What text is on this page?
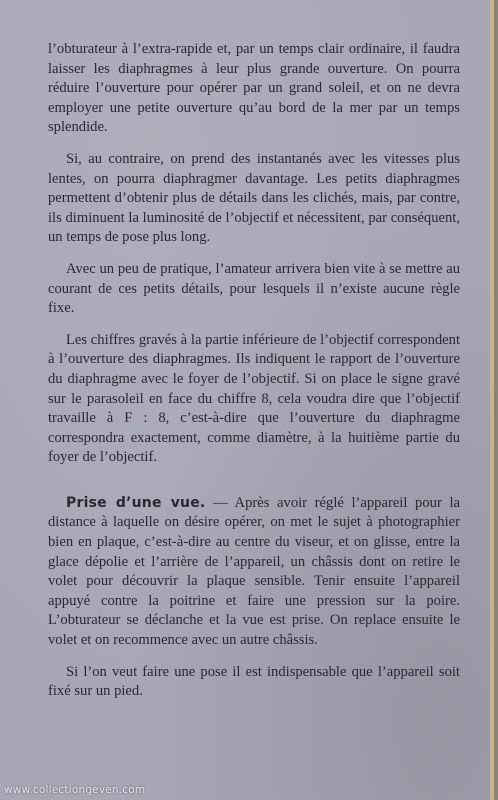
l’obturateur à l’extra-rapide et, par un temps clair ordinaire, il faudra laisser les diaphragmes à leur plus grande ouverture. On pourra réduire l’ouverture pour opérer par un grand soleil, et on ne devra employer une petite ouverture qu’au bord de la mer par un temps splendide.

Si, au contraire, on prend des instantanés avec les vitesses plus lentes, on pourra diaphragmer davantage. Les petits diaphragmes permettent d’obtenir plus de détails dans les clichés, mais, par contre, ils diminuent la luminosité de l’objectif et nécessitent, par conséquent, un temps de pose plus long.

Avec un peu de pratique, l’amateur arrivera bien vite à se mettre au courant de ces petits détails, pour lesquels il n’existe aucune règle fixe.

Les chiffres gravés à la partie inférieure de l’objectif correspondent à l’ouverture des diaphragmes. Ils indiquent le rapport de l’ouverture du diaphragme avec le foyer de l’objectif. Si on place le signe gravé sur le parasoleil en face du chiffre 8, cela voudra dire que l’objectif travaille à F : 8, c’est-à-dire que l’ouverture du diaphragme correspondra exactement, comme diamètre, à la huitième partie du foyer de l’objectif.

Prise d’une vue. — Après avoir réglé l’appareil pour la distance à laquelle on désire opérer, on met le sujet à photographier bien en plaque, c’est-à-dire au centre du viseur, et on glisse, entre la glace dépolie et l’arrière de l’appareil, un châssis dont on retire le volet pour découvrir la plaque sensible. Tenir ensuite l’appareil appuyé contre la poitrine et faire une pression sur la poire. L’obturateur se déclanche et la vue est prise. On replace ensuite le volet et on recommence avec un autre châssis.

Si l’on veut faire une pose il est indispensable que l’appareil soit fixé sur un pied.

www.collectiongeven.com
